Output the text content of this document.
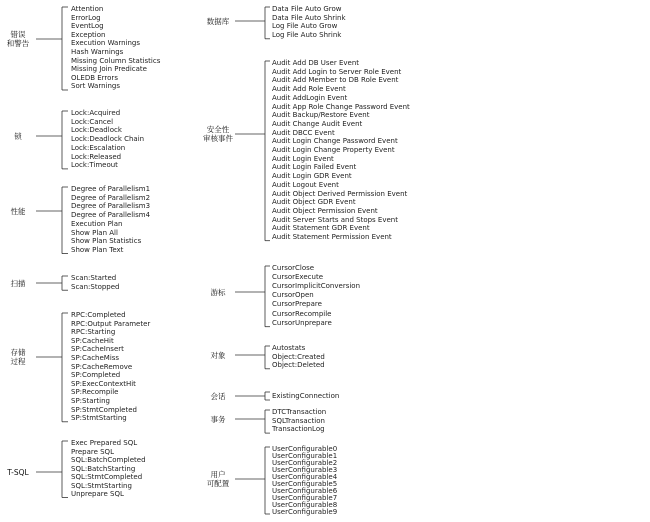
错误
和警告
Attention
ErrorLog
EventLog
Exception
Execution Warnings
Hash Warnings
Missing Column Statistics
Missing Join Predicate
OLEDB Errors
Sort Warnings
锁
Lock:Acquired
Lock:Cancel
Lock:Deadlock
Lock:Deadlock Chain
Lock:Escalation
Lock:Released
Lock:Timeout
性能
Degree of Parallelism1
Degree of Parallelism2
Degree of Parallelism3
Degree of Parallelism4
Execution Plan
Show Plan All
Show Plan Statistics
Show Plan Text
扫描
Scan:Started
Scan:Stopped
存储
过程
RPC:Completed
RPC:Output Parameter
RPC:Starting
SP:CacheHit
SP:CacheInsert
SP:CacheMiss
SP:CacheRemove
SP:Completed
SP:ExecContextHit
SP:Recompile
SP:Starting
SP:StmtCompleted
SP:StmtStarting
T-SQL
Exec Prepared SQL
Prepare SQL
SQL:BatchCompleted
SQL:BatchStarting
SQL:StmtCompleted
SQL:StmtStarting
Unprepare SQL
数据库
Data File Auto Grow
Data File Auto Shrink
Log File Auto Grow
Log File Auto Shrink
安全性
审核事件
Audit Add DB User Event
Audit Add Login to Server Role Event
Audit Add Member to DB Role Event
Audit Add Role Event
Audit AddLogin Event
Audit App Role Change Password Event
Audit Backup/Restore Event
Audit Change Audit Event
Audit DBCC Event
Audit Login Change Password Event
Audit Login Change Property Event
Audit Login Event
Audit Login Failed Event
Audit Login GDR Event
Audit Logout Event
Audit Object Derived Permission Event
Audit Object GDR Event
Audit Object Permission Event
Audit Server Starts and Stops Event
Audit Statement GDR Event
Audit Statement Permission Event
游标
CursorClose
CursorExecute
CursorImplicitConversion
CursorOpen
CursorPrepare
CursorRecompile
CursorUnprepare
对象
Autostats
Object:Created
Object:Deleted
会话	ExistingConnection
事务
DTCTransaction
SQLTransaction
TransactionLog
用户
可配置
UserConfigurable0
UserConfigurable1
UserConfigurable2
UserConfigurable3
UserConfigurable4
UserConfigurable5
UserConfigurable6
UserConfigurable7
UserConfigurable8
UserConfigurable9
